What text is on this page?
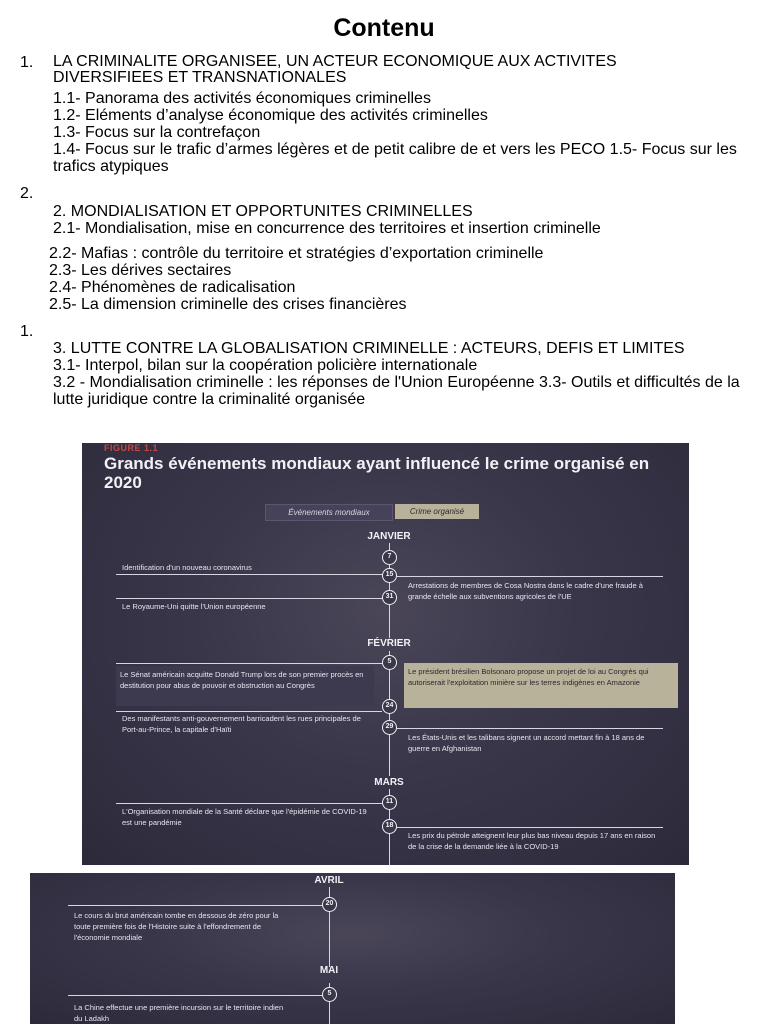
Contenu
1. LA CRIMINALITE ORGANISEE, UN ACTEUR ECONOMIQUE AUX ACTIVITES DIVERSIFIEES ET TRANSNATIONALES
1.1- Panorama des activités économiques criminelles
1.2- Eléments d’analyse économique des activités criminelles
1.3- Focus sur la contrefaçon
1.4- Focus sur le trafic d’armes légères et de petit calibre de et vers les PECO 1.5- Focus sur les trafics atypiques
2.
2. MONDIALISATION ET OPPORTUNITES CRIMINELLES
2.1- Mondialisation, mise en concurrence des territoires et insertion criminelle
2.2- Mafias : contrôle du territoire et stratégies d’exportation criminelle
2.3- Les dérives sectaires
2.4- Phénomènes de radicalisation
2.5- La dimension criminelle des crises financières
1.
3. LUTTE CONTRE LA GLOBALISATION CRIMINELLE : ACTEURS, DEFIS ET LIMITES
3.1- Interpol, bilan sur la coopération policière internationale
3.2 - Mondialisation criminelle : les réponses de l'Union Européenne 3.3- Outils et difficultés de la lutte juridique contre la criminalité organisée
FIGURE 1.1
Grands événements mondiaux ayant influencé le crime organisé en 2020
Événements mondiaux	Crime organisé
JANVIER
7
Identification d'un nouveau coronavirus
15
Arrestations de membres de Cosa Nostra dans le cadre d'une fraude à grande échelle aux subventions agricoles de l'UE
31
Le Royaume-Uni quitte l'Union européenne
FÉVRIER
5
Le Sénat américain acquitte Donald Trump lors de son premier procès en destitution pour abus de pouvoir et obstruction au Congrès
Le président brésilien Bolsonaro propose un projet de loi au Congrès qui autoriserait l'exploitation minière sur les terres indigènes en Amazonie
24
Des manifestants anti-gouvernement barricadent les rues principales de Port-au-Prince, la capitale d'Haïti	29
Les États-Unis et les talibans signent un accord mettant fin à 18 ans de guerre en Afghanistan
MARS
11
L'Organisation mondiale de la Santé déclare que l'épidémie de COVID-19 est une pandémie	18
Les prix du pétrole atteignent leur plus bas niveau depuis 17 ans en raison de la crise de la demande liée à la COVID-19
AVRIL
20
Le cours du brut américain tombe en dessous de zéro pour la toute première fois de l'Histoire suite à l'effondrement de l'économie mondiale
MAI
5
La Chine effectue une première incursion sur le territoire indien du Ladakh
